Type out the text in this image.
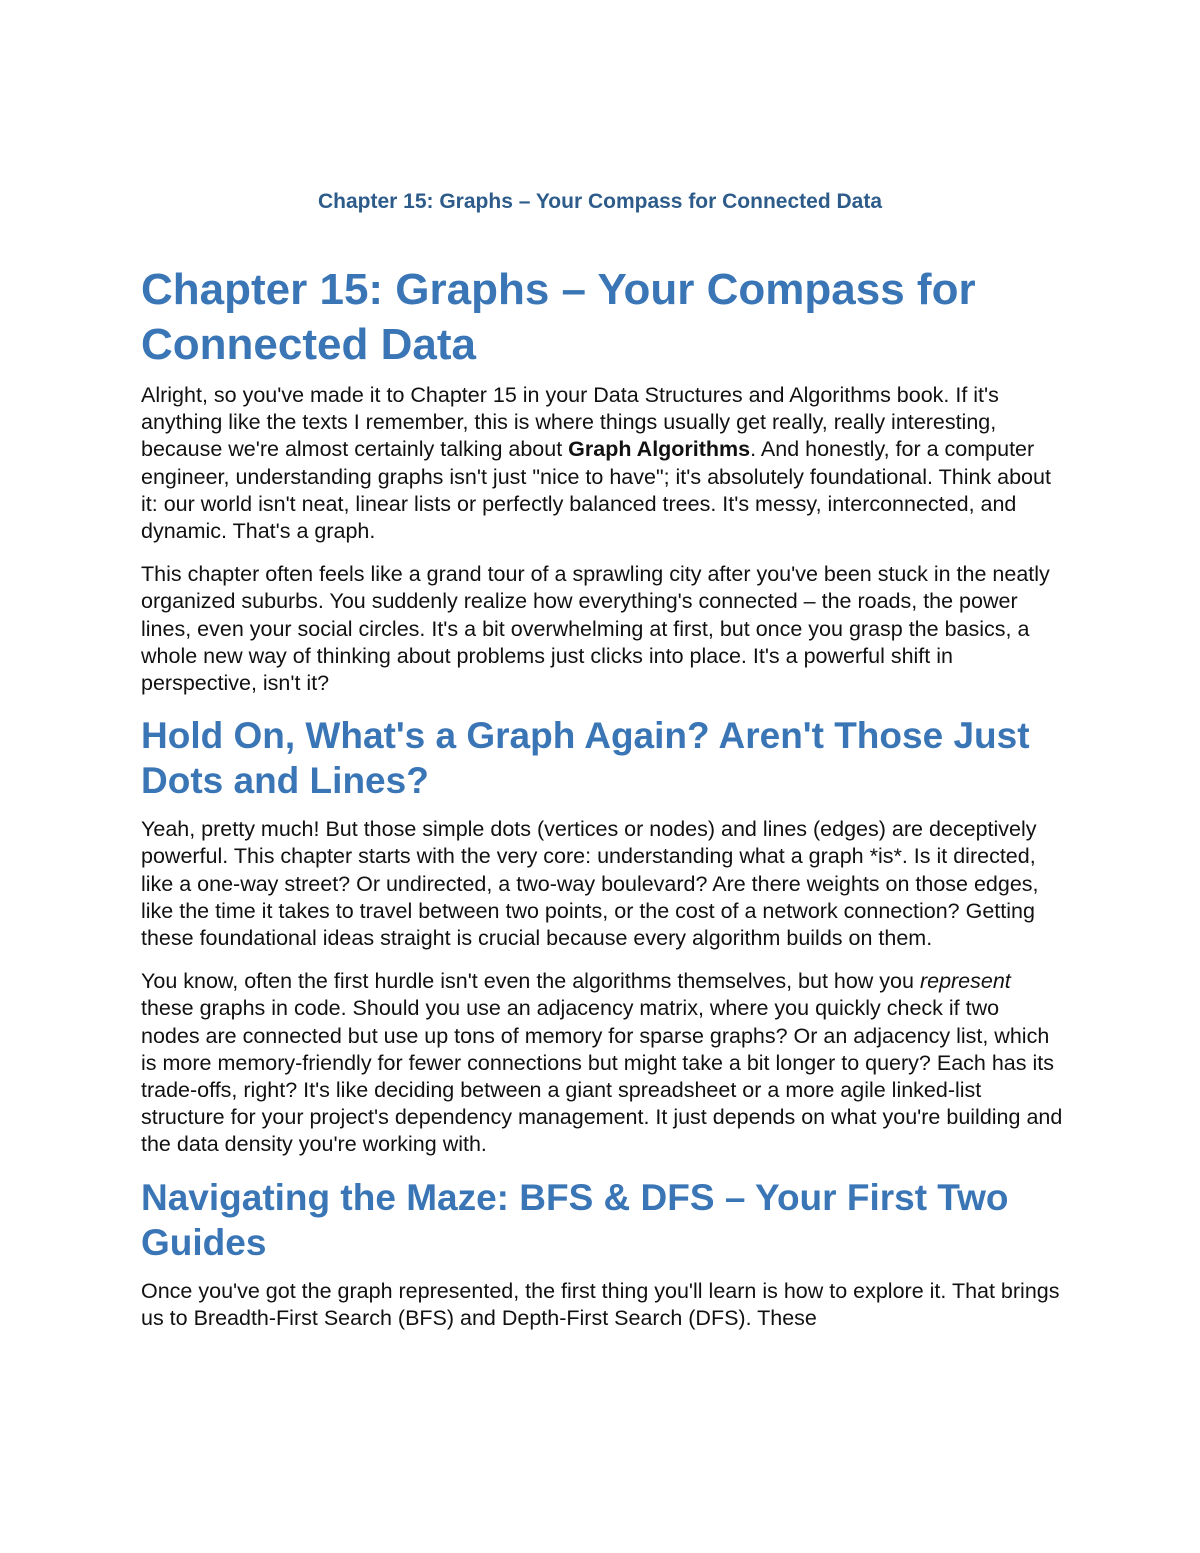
Chapter 15: Graphs – Your Compass for Connected Data
Chapter 15: Graphs – Your Compass for Connected Data

Alright, so you've made it to Chapter 15 in your Data Structures and Algorithms book. If it's anything like the texts I remember, this is where things usually get really, really interesting, because we're almost certainly talking about Graph Algorithms. And honestly, for a computer engineer, understanding graphs isn't just "nice to have"; it's absolutely foundational. Think about it: our world isn't neat, linear lists or perfectly balanced trees. It's messy, interconnected, and dynamic. That's a graph.

This chapter often feels like a grand tour of a sprawling city after you've been stuck in the neatly organized suburbs. You suddenly realize how everything's connected – the roads, the power lines, even your social circles. It's a bit overwhelming at first, but once you grasp the basics, a whole new way of thinking about problems just clicks into place. It's a powerful shift in perspective, isn't it?

Hold On, What's a Graph Again? Aren't Those Just Dots and Lines?

Yeah, pretty much! But those simple dots (vertices or nodes) and lines (edges) are deceptively powerful. This chapter starts with the very core: understanding what a graph *is*. Is it directed, like a one-way street? Or undirected, a two-way boulevard? Are there weights on those edges, like the time it takes to travel between two points, or the cost of a network connection? Getting these foundational ideas straight is crucial because every algorithm builds on them.

You know, often the first hurdle isn't even the algorithms themselves, but how you represent these graphs in code. Should you use an adjacency matrix, where you quickly check if two nodes are connected but use up tons of memory for sparse graphs? Or an adjacency list, which is more memory-friendly for fewer connections but might take a bit longer to query? Each has its trade-offs, right? It's like deciding between a giant spreadsheet or a more agile linked-list structure for your project's dependency management. It just depends on what you're building and the data density you're working with.

Navigating the Maze: BFS & DFS – Your First Two Guides

Once you've got the graph represented, the first thing you'll learn is how to explore it. That brings us to Breadth-First Search (BFS) and Depth-First Search (DFS). These
